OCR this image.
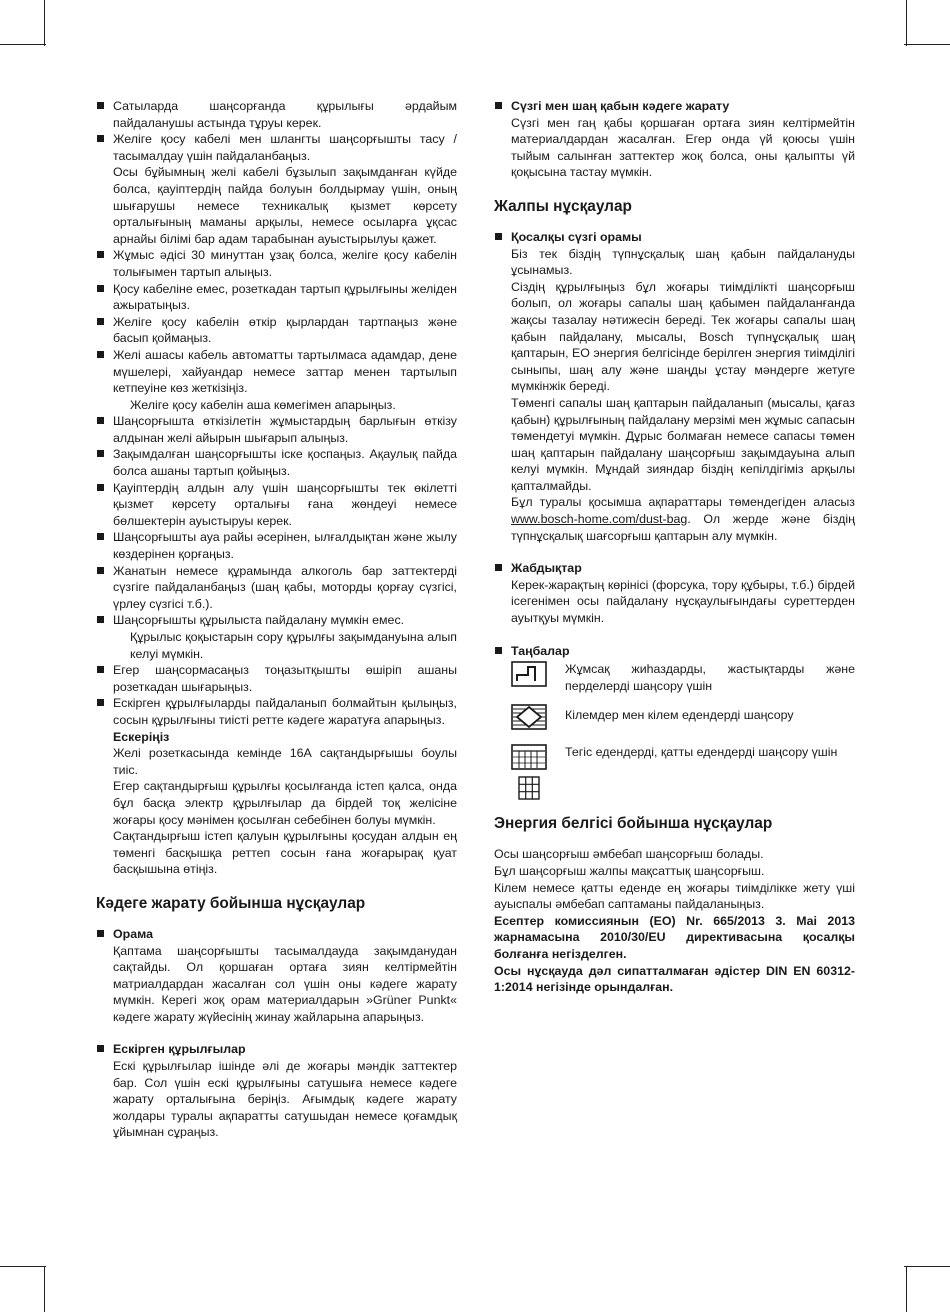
Сатыларда шаңсорғанда құрылығы әрдайым пайдаланушы астында тұруы керек.
Желіге қосу кабелі мен шлангты шаңсорғышты тасу / тасымалдау үшін пайдаланбаңыз.
Осы бұйымның желі кабелі бұзылып зақымданған күйде болса, қауіптердің пайда болуын болдырмау үшін, оның шығарушы немесе техникалық қызмет көрсету орталығының маманы арқылы, немесе осыларға ұқсас арнайы білімі бар адам тарабынан ауыстырылуы қажет.
Жұмыс әдісі 30 минуттан ұзақ болса, желіге қосу кабелін толығымен тартып алыңыз.
Қосу кабеліне емес, розеткадан тартып құрылғыны желіден ажыратыңыз.
Желіге қосу кабелін өткір қырлардан тартпаңыз және басып қоймаңыз.
Желі ашасы кабель автоматты тартылмаса адамдар, дене мүшелері, хайуандар немесе заттар менен тартылып кетпеуіне көз жеткізіңіз.
Желіге қосу кабелін аша көмегімен апарыңыз.
Шаңсорғышта өткізілетін жұмыстардың барлығын өткізу алдынан желі айырын шығарып алыңыз.
Зақымдалған шаңсорғышты іске қоспаңыз. Ақаулық пайда болса ашаны тартып қойыңыз.
Қауіптердің алдын алу үшін шаңсорғышты тек өкілетті қызмет көрсету орталығы ғана жөндеуі немесе бөлшектерін ауыстыруы керек.
Шаңсорғышты ауа райы әсерінен, ылғалдықтан және жылу көздерінен қорғаңыз.
Жанатын немесе құрамында алкоголь бар заттектерді сүзгіге пайдаланбаңыз (шаң қабы, моторды қорғау сүзгісі, үрлеу сүзгісі т.б.).
Шаңсорғышты құрылыста пайдалану мүмкін емес.
Құрылыс қоқыстарын сору құрылғы зақымдануына алып келуі мүмкін.
Егер шаңсормасаңыз тоңазытқышты өшіріп ашаны розеткадан шығарыңыз.
Ескірген құрылғыларды пайдаланып болмайтын қылыңыз, сосын құрылғыны тиісті ретте кәдеге жаратуға апарыңыз.
Ескеріңіз
Желі розеткасында кемінде 16А сақтандырғышы боулы тиіс.
Егер сақтандырғыш құрылғы қосылғанда істеп қалса, онда бұл басқа электр құрылғылар да бірдей тоқ желісіне жоғары қосу мәнімен қосылған себебінен болуы мүмкін.
Сақтандырғыш істеп қалуын құрылғыны қосудан алдын ең төменгі басқышқа реттеп сосын ғана жоғарырақ қуат басқышына өтіңіз.
Кәдеге жарату бойынша нұсқаулар
Орама
Қаптама шаңсорғышты тасымалдауда зақымданудан сақтайды. Ол қоршаған ортаға зиян келтірмейтін матриалдардан жасалған сол үшін оны кәдеге жарату мүмкін. Керегі жоқ орам материалдарын »Grüner Punkt« кәдеге жарату жүйесінің жинау жайларына апарыңыз.
Ескірген құрылғылар
Ескі құрылғылар ішінде әлі де жоғары мәндік заттектер бар. Сол үшін ескі құрылғыны сатушыға немесе кәдеге жарату орталығына беріңіз. Ағымдық кәдеге жарату жолдары туралы ақпаратты сатушыдан немесе қоғамдық ұйымнан сұраңыз.
Сүзгі мен шаң қабын кәдеге жарату
Сүзгі мен гаң қабы қоршаған ортаға зиян келтірмейтін материалдардан жасалған. Егер онда үй қоюсы үшін тыйым салынған заттектер жоқ болса, оны қалыпты үй қоқысына тастау мүмкін.
Жалпы нұсқаулар
Қосалқы сүзгі орамы
Біз тек біздің түпнұсқалық шаң қабын пайдалануды ұсынамыз.
Сіздің құрылғыңыз бұл жоғары тиімділікті шаңсорғыш болып, ол жоғары сапалы шаң қабымен пайдаланғанда жақсы тазалау нәтижесін береді. Тек жоғары сапалы шаң қабын пайдалану, мысалы, Bosch түпнұсқалық шаң қаптарын, ЕО энергия белгісінде берілген энергия тиімділігі сыныпы, шаң алу және шаңды ұстау мәндерге жетуге мүмкінжік береді.
Төменгі сапалы шаң қаптарын пайдаланып (мысалы, қағаз қабын) құрылғының пайдалану мерзімі мен жұмыс сапасын төмендетуі мүмкін. Дұрыс болмаған немесе сапасы төмен шаң қаптарын пайдалану шаңсорғыш зақымдауына алып келуі мүмкін. Мұндай зияндар біздің кепілдігіміз арқылы қапталмайды.
Бұл туралы қосымша ақпараттары төмендегіден аласыз www.bosch-home.com/dust-bag. Ол жерде және біздің түпнұсқалық шағсорғыш қаптарын алу мүмкін.
Жабдықтар
Керек-жарақтың көрінісі (форсука, тору құбыры, т.б.) бірдей ісегенімен осы пайдалану нұсқаулығындағы суреттерден ауытқуы мүмкін.
Таңбалар
Жұмсақ жиһаздарды, жастықтарды және перделерді шаңсору үшін
Кілемдер мен кілем едендерді шаңсору
Тегіс едендерді, қатты едендерді шаңсору үшін
Энергия белгісі бойынша нұсқаулар
Осы шаңсорғыш әмбебап шаңсорғыш болады.
Бұл шаңсорғыш жалпы мақсаттық шаңсорғыш.
Кілем немесе қатты еденде ең жоғары тиімділікке жету үші ауыспалы әмбебап саптаманы пайдаланыңыз.
Есептер комиссиянын (ЕО) Nr. 665/2013 3. Mai 2013 жарнамасына 2010/30/EU директивасына қосалқы болғанға негізделген.
Осы нұсқауда дәл сипатталмаған әдістер DIN EN 60312-1:2014 негізінде орындалған.
